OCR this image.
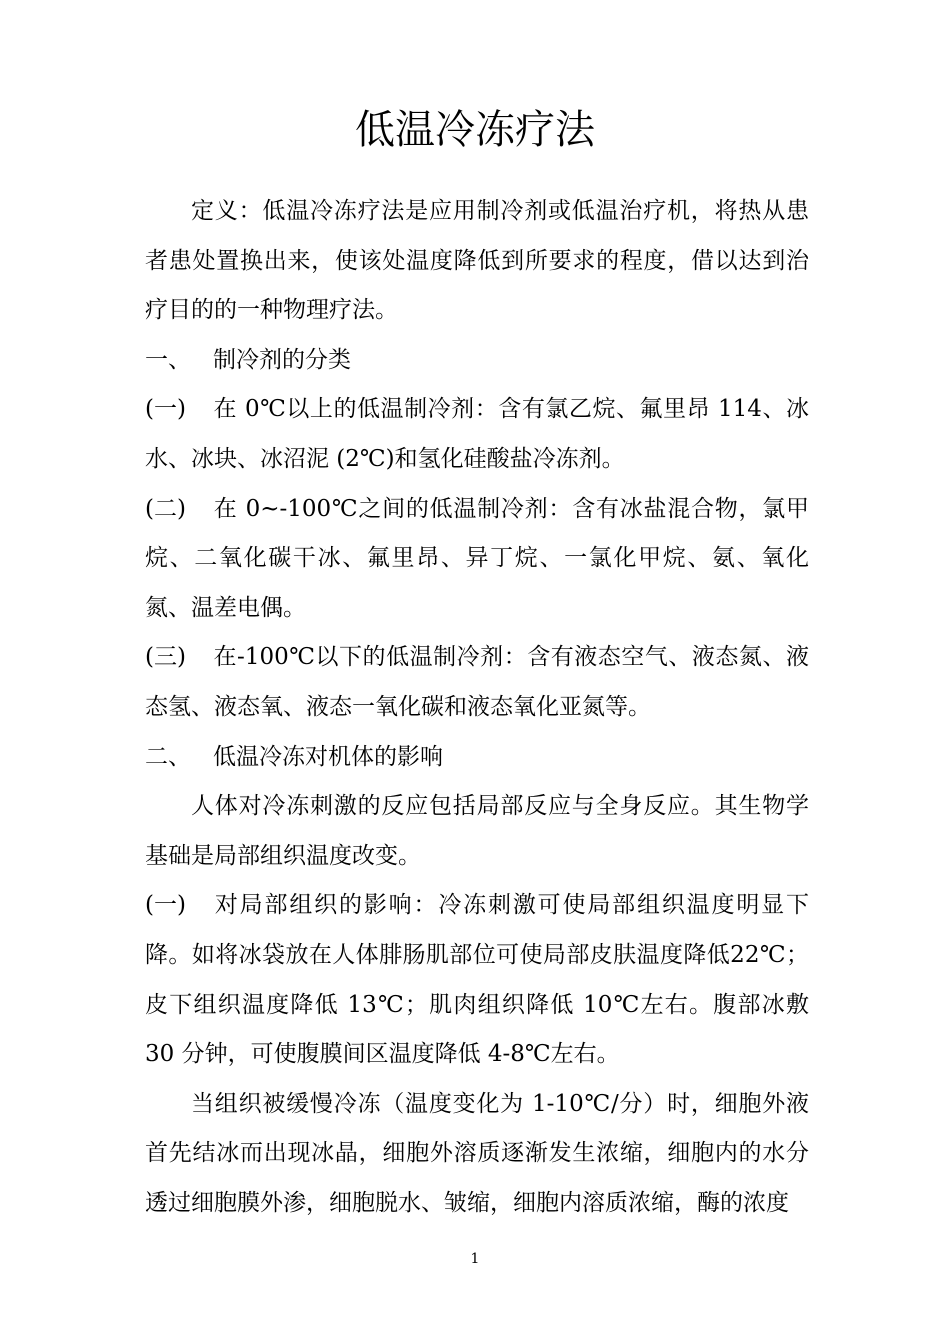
低温冷冻疗法

定义：低温冷冻疗法是应用制冷剂或低温治疗机，将热从患者患处置换出来，使该处温度降低到所要求的程度，借以达到治疗目的的一种物理疗法。

一、 制冷剂的分类

(一) 在 0℃以上的低温制冷剂：含有氯乙烷、氟里昂 114、冰水、冰块、冰沼泥 (2℃)和氢化硅酸盐冷冻剂。

(二) 在 0~-100℃之间的低温制冷剂：含有冰盐混合物，氯甲烷、二氧化碳干冰、氟里昂、异丁烷、一氯化甲烷、氨、氧化氮、温差电偶。

(三) 在-100℃以下的低温制冷剂：含有液态空气、液态氮、液态氢、液态氧、液态一氧化碳和液态氧化亚氮等。

二、 低温冷冻对机体的影响

人体对冷冻刺激的反应包括局部反应与全身反应。其生物学基础是局部组织温度改变。

(一) 对局部组织的影响：冷冻刺激可使局部组织温度明显下降。如将冰袋放在人体腓肠肌部位可使局部皮肤温度降低22℃；皮下组织温度降低 13℃；肌肉组织降低 10℃左右。腹部冰敷 30 分钟，可使腹膜间区温度降低 4-8℃左右。

当组织被缓慢冷冻（温度变化为 1-10℃/分）时，细胞外液首先结冰而出现冰晶，细胞外溶质逐渐发生浓缩，细胞内的水分透过细胞膜外渗，细胞脱水、皱缩，细胞内溶质浓缩，酶的浓度

1
